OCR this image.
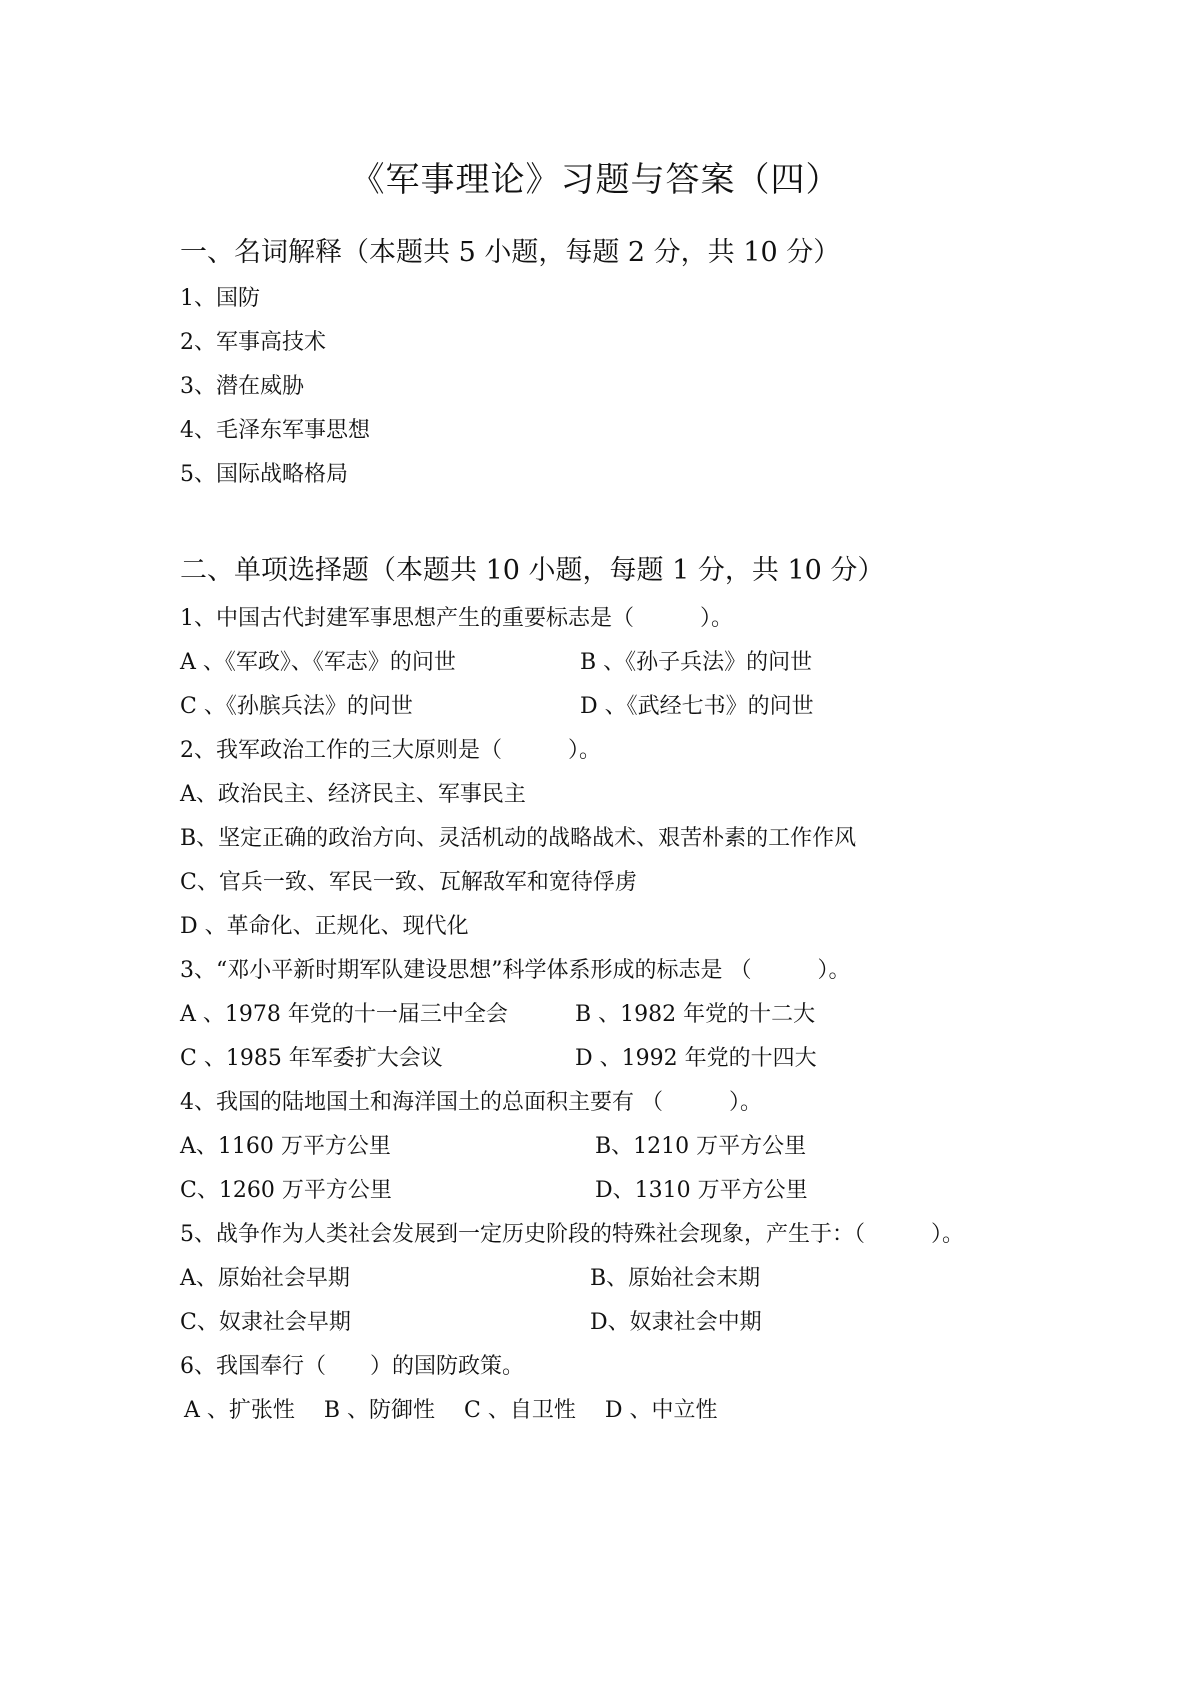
《军事理论》习题与答案（四）
一、名词解释（本题共 5 小题，每题 2 分，共 10 分）
1、国防
2、军事高技术
3、潜在威胁
4、毛泽东军事思想
5、国际战略格局
二、单项选择题（本题共 10 小题，每题 1 分，共 10 分）
1、中国古代封建军事思想产生的重要标志是（　　　）。
A 、《军政》、《军志》的问世	B 、《孙子兵法》的问世
C 、《孙膑兵法》的问世	D 、《武经七书》的问世
2、我军政治工作的三大原则是（　　　）。
A、政治民主、经济民主、军事民主
B、坚定正确的政治方向、灵活机动的战略战术、艰苦朴素的工作作风
C、官兵一致、军民一致、瓦解敌军和宽待俘虏
D 、革命化、正规化、现代化
3、“邓小平新时期军队建设思想”科学体系形成的标志是 （　　　）。
A 、1978 年党的十一届三中全会	B 、1982 年党的十二大
C 、1985 年军委扩大会议	D 、1992 年党的十四大
4、我国的陆地国土和海洋国土的总面积主要有 （　　　）。
A、1160 万平方公里	B、1210 万平方公里
C、1260 万平方公里	D、1310 万平方公里
5、战争作为人类社会发展到一定历史阶段的特殊社会现象，产生于：（　　　）。
A、原始社会早期	B、原始社会末期
C、奴隶社会早期	D、奴隶社会中期
6、我国奉行（　　）的国防政策。
A 、扩张性　 B 、防御性　 C 、自卫性　 D 、中立性
